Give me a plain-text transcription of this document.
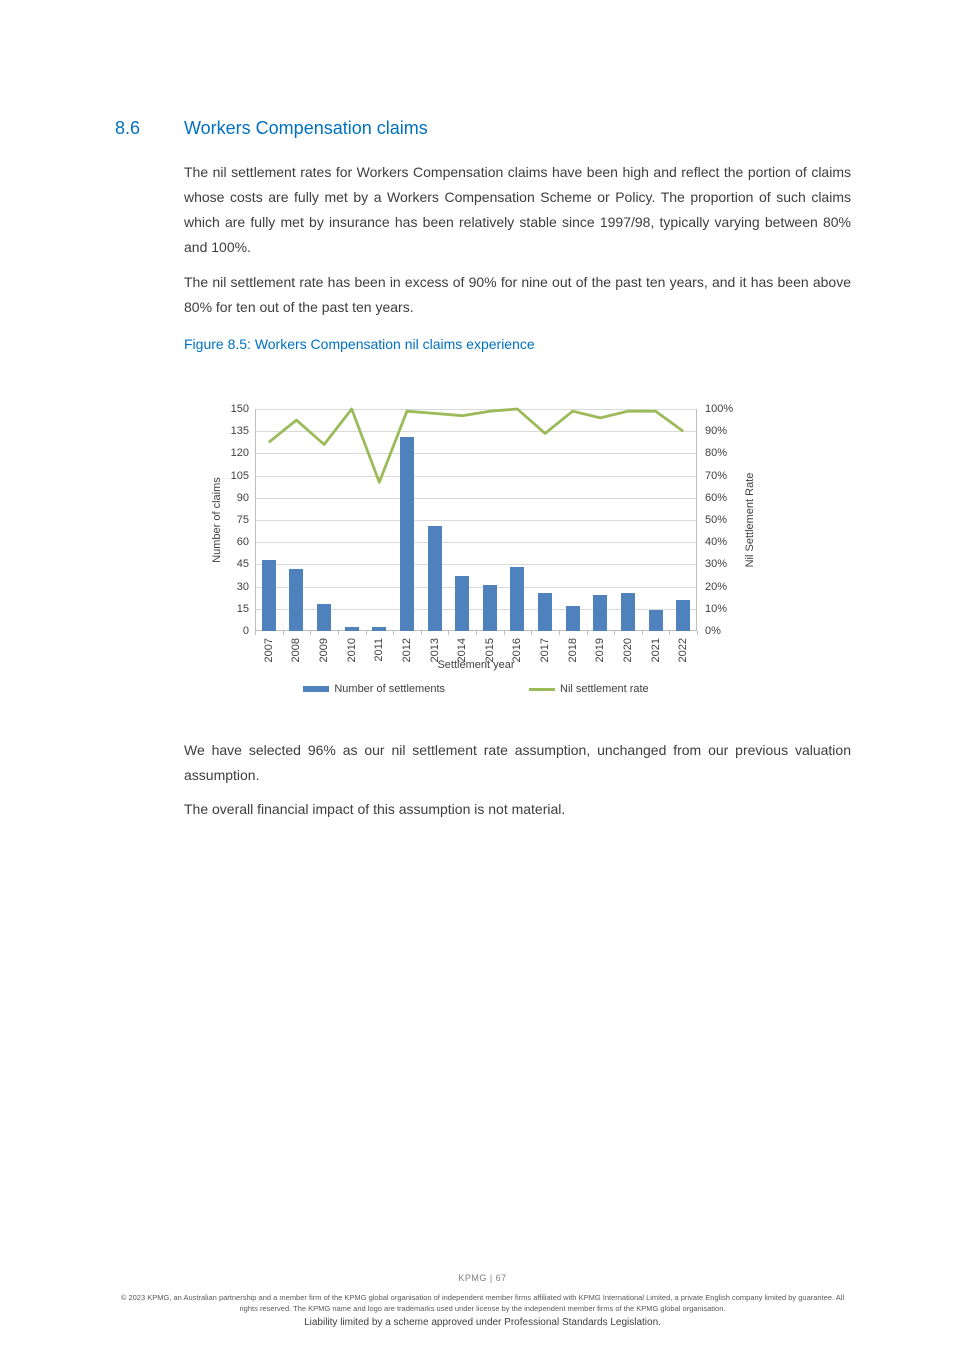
8.6	Workers Compensation claims

The nil settlement rates for Workers Compensation claims have been high and reflect the portion of claims whose costs are fully met by a Workers Compensation Scheme or Policy. The proportion of such claims which are fully met by insurance has been relatively stable since 1997/98, typically varying between 80% and 100%.

The nil settlement rate has been in excess of 90% for nine out of the past ten years, and it has been above 80% for ten out of the past ten years.

Figure 8.5: Workers Compensation nil claims experience
0
15
30
45
60
75
90
105
120
135
150
0%
10%
20%
30%
40%
50%
60%
70%
80%
90%
100%
2007	2008	2009	2010	2011	2012	2013	2014	2015	2016	2017	2018	2019	2020	2021	2022
Settlement year
Number of claims	Nil Settlement Rate
Number of settlements	Nil settlement rate

We have selected 96% as our nil settlement rate assumption, unchanged from our previous valuation assumption.

The overall financial impact of this assumption is not material.

KPMG | 67
© 2023 KPMG, an Australian partnership and a member firm of the KPMG global organisation of independent member firms affiliated with KPMG International Limited, a private English company limited by guarantee. All rights reserved. The KPMG name and logo are trademarks used under license by the independent member firms of the KPMG global organisation.
Liability limited by a scheme approved under Professional Standards Legislation.
